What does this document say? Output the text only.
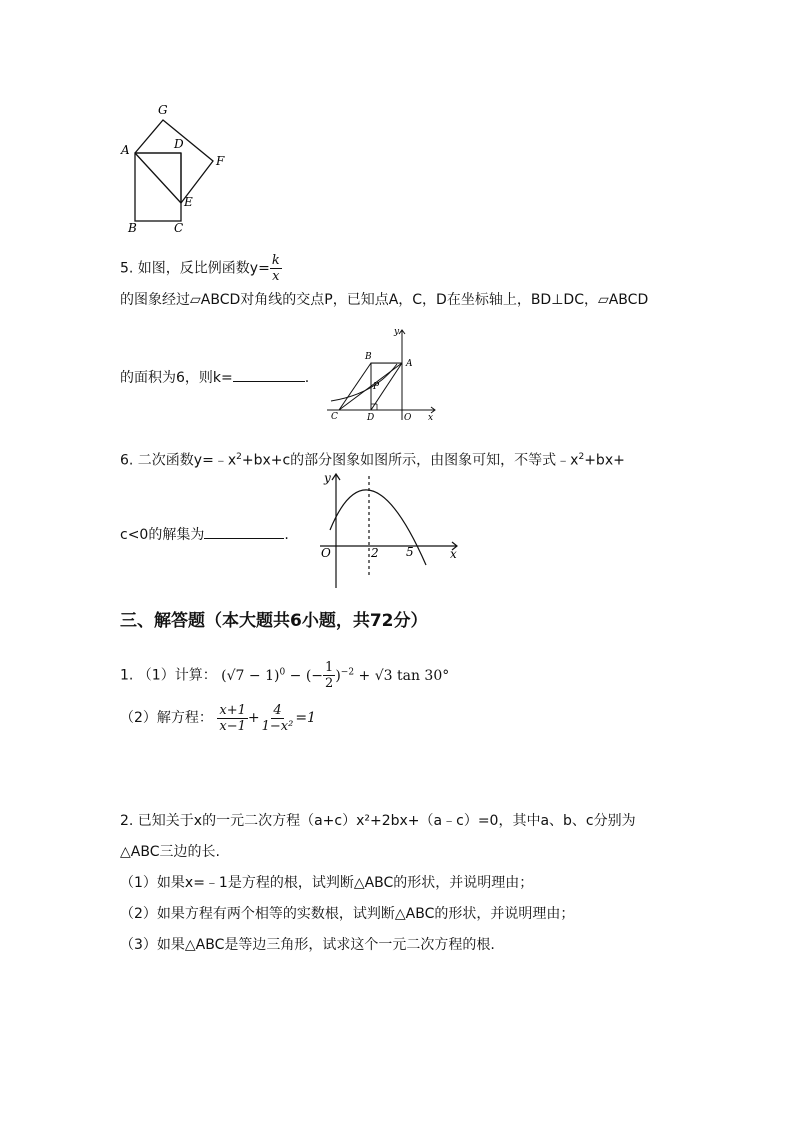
G
A	D
F
E
B	C
5. 如图，反比例函数$y= \frac{k}{x}$
的图象经过▱ABCD对角线的交点P，已知点A，C，D在坐标轴上，BD⊥DC，▱ABCD
的面积为6，则k=	.
y
B
A
P
C	D	O x
6. 二次函数$y=﹣x^2+bx+c$的部分图象如图所示，由图象可知，不等式$﹣x^2+bx+$
c<0的解集为	.
y
O	2 5	x
三、解答题（本大题共6小题，共72分）
1. （1）计算： $(√7 - 1)^0$ − (− $\frac{1}{2} )^{-2} + √3$ tan 30°
（2）解方程： $\frac{x+1}{x-1} + \frac{4}{\text{1−x²}} =1$
2. 已知关于x的一元二次方程（a+c）x²+2bx+（a﹣c）=0，其中a、b、c分别为
△ABC三边的长.
（1）如果x=﹣1是方程的根，试判断△ABC的形状，并说明理由；
（2）如果方程有两个相等的实数根，试判断△ABC的形状，并说明理由；
（3）如果△ABC是等边三角形，试求这个一元二次方程的根.
